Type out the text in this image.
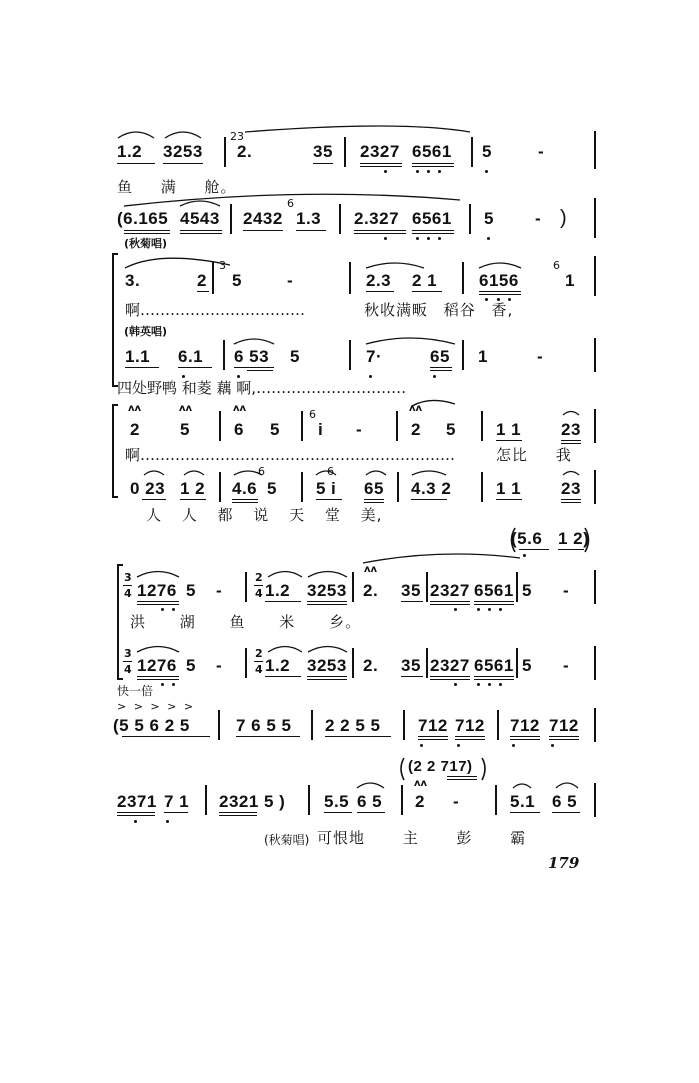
179
1.2 3253
23
2.	35 2327 6561 5	-
鱼 满 舱。
(6.165 4543 2432
6
1.3 2.327 6561 5 - )
(秋菊唱)
3.	2
3
5	-	2.3 2 1 6156
6
1
啊……………………………	秋收满畈 稻谷 香,
(韩英唱)
1.1 6.1 6 53 5	7·	65 1	-
四处野鸭 和菱 藕 啊,…………………………
ʌʌ	ʌʌ	ʌʌ	ʌʌ
2 5	6 5
6
i -	2 5 1 1 23
啊………………………………………………………	怎比 我
0 23 1 2
6
4.6 5 5
6
i 65 4.3 2	1 1 23
人 人 都 说 天 堂 美,
(5.6 1 2)
3
4 1276 5 -
2
4 1.2 3253
ʌʌ
2. 35 2327 6561 5 -
洪 湖 鱼 米 乡。
3
4 1276 5 -
2
4 1.2 3253 2. 35 2327 6561 5 -
快一倍
> > > > >
(5 5 6 2 5	7 6 5 5 2 2 5 5 712 712 712 712
(2 2 717)
2371 7 1 2321 5 ) 5.5 6 5
ʌʌ
2 -	5.1 6 5
(秋菊唱) 可恨地 主 彭 霸
